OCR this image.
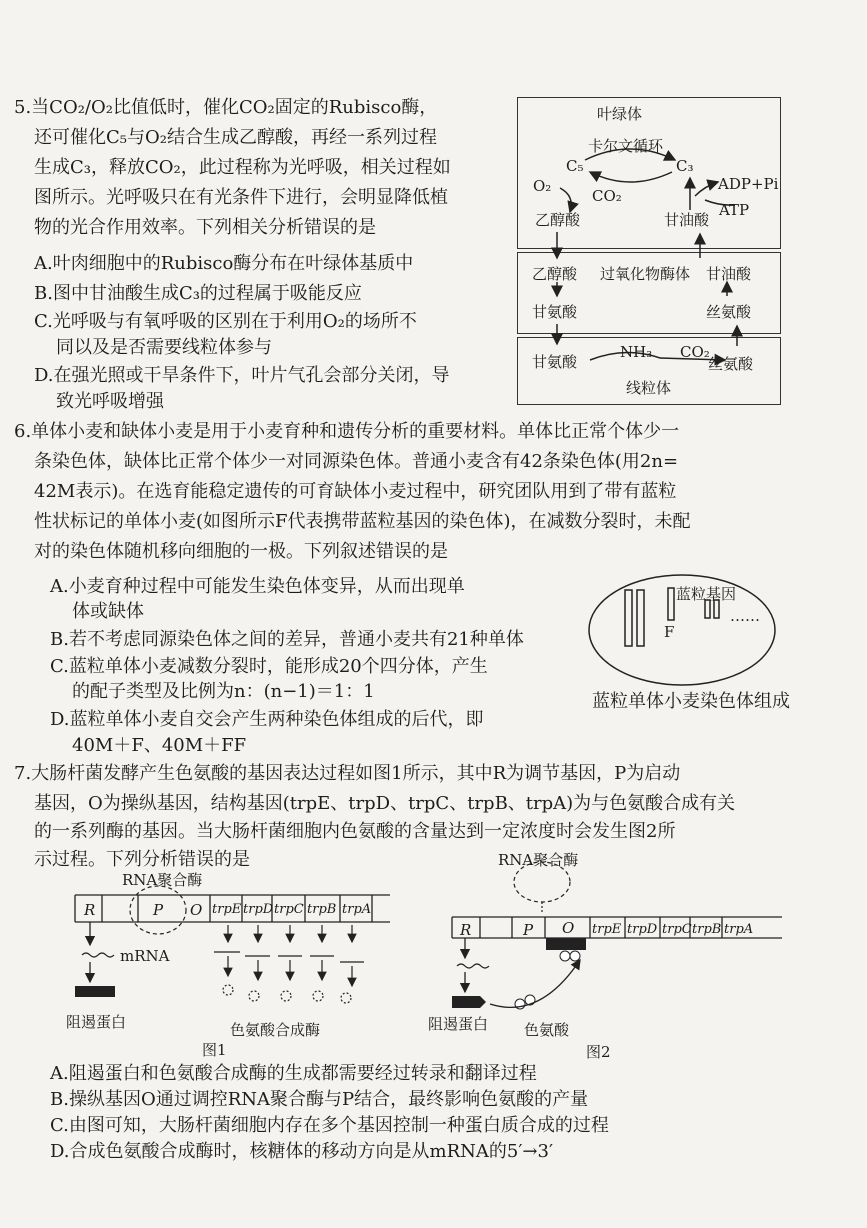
5.当CO₂/O₂比值低时，催化CO₂固定的Rubisco酶，
还可催化C₅与O₂结合生成乙醇酸，再经一系列过程
生成C₃，释放CO₂，此过程称为光呼吸，相关过程如
图所示。光呼吸只在有光条件下进行，会明显降低植
物的光合作用效率。下列相关分析错误的是
A.叶肉细胞中的Rubisco酶分布在叶绿体基质中
B.图中甘油酸生成C₃的过程属于吸能反应
C.光呼吸与有氧呼吸的区别在于利用O₂的场所不
同以及是否需要线粒体参与
D.在强光照或干旱条件下，叶片气孔会部分关闭，导
致光呼吸增强
叶绿体
卡尔文循环
C₅	C₃
O₂
CO₂
ADP+Pi
ATP
乙醇酸	甘油酸
乙醇酸 过氧化物酶体 甘油酸
甘氨酸	丝氨酸
甘氨酸
NH₃ CO₂
丝氨酸
线粒体
6.单体小麦和缺体小麦是用于小麦育种和遗传分析的重要材料。单体比正常个体少一
条染色体，缺体比正常个体少一对同源染色体。普通小麦含有42条染色体(用2n=
42M表示)。在选育能稳定遗传的可育缺体小麦过程中，研究团队用到了带有蓝粒
性状标记的单体小麦(如图所示F代表携带蓝粒基因的染色体)，在减数分裂时，未配
对的染色体随机移向细胞的一极。下列叙述错误的是
A.小麦育种过程中可能发生染色体变异，从而出现单
体或缺体
B.若不考虑同源染色体之间的差异，普通小麦共有21种单体
C.蓝粒单体小麦减数分裂时，能形成20个四分体，产生
的配子类型及比例为n：(n−1)＝1：1
D.蓝粒单体小麦自交会产生两种染色体组成的后代，即
40M＋F、40M＋FF
蓝粒基因
F
……
蓝粒单体小麦染色体组成
7.大肠杆菌发酵产生色氨酸的基因表达过程如图1所示，其中R为调节基因，P为启动
基因，O为操纵基因，结构基因(trpE、trpD、trpC、trpB、trpA)为与色氨酸合成有关
的一系列酶的基因。当大肠杆菌细胞内色氨酸的含量达到一定浓度时会发生图2所
示过程。下列分析错误的是
RNA聚合酶
R	P O trpE trpD trpC trpB trpA
mRNA
阻遏蛋白	色氨酸合成酶
图1
RNA聚合酶
R	P O trpE trpD trpC trpB trpA
阻遏蛋白 色氨酸
图2
A.阻遏蛋白和色氨酸合成酶的生成都需要经过转录和翻译过程
B.操纵基因O通过调控RNA聚合酶与P结合，最终影响色氨酸的产量
C.由图可知，大肠杆菌细胞内存在多个基因控制一种蛋白质合成的过程
D.合成色氨酸合成酶时，核糖体的移动方向是从mRNA的5′→3′
